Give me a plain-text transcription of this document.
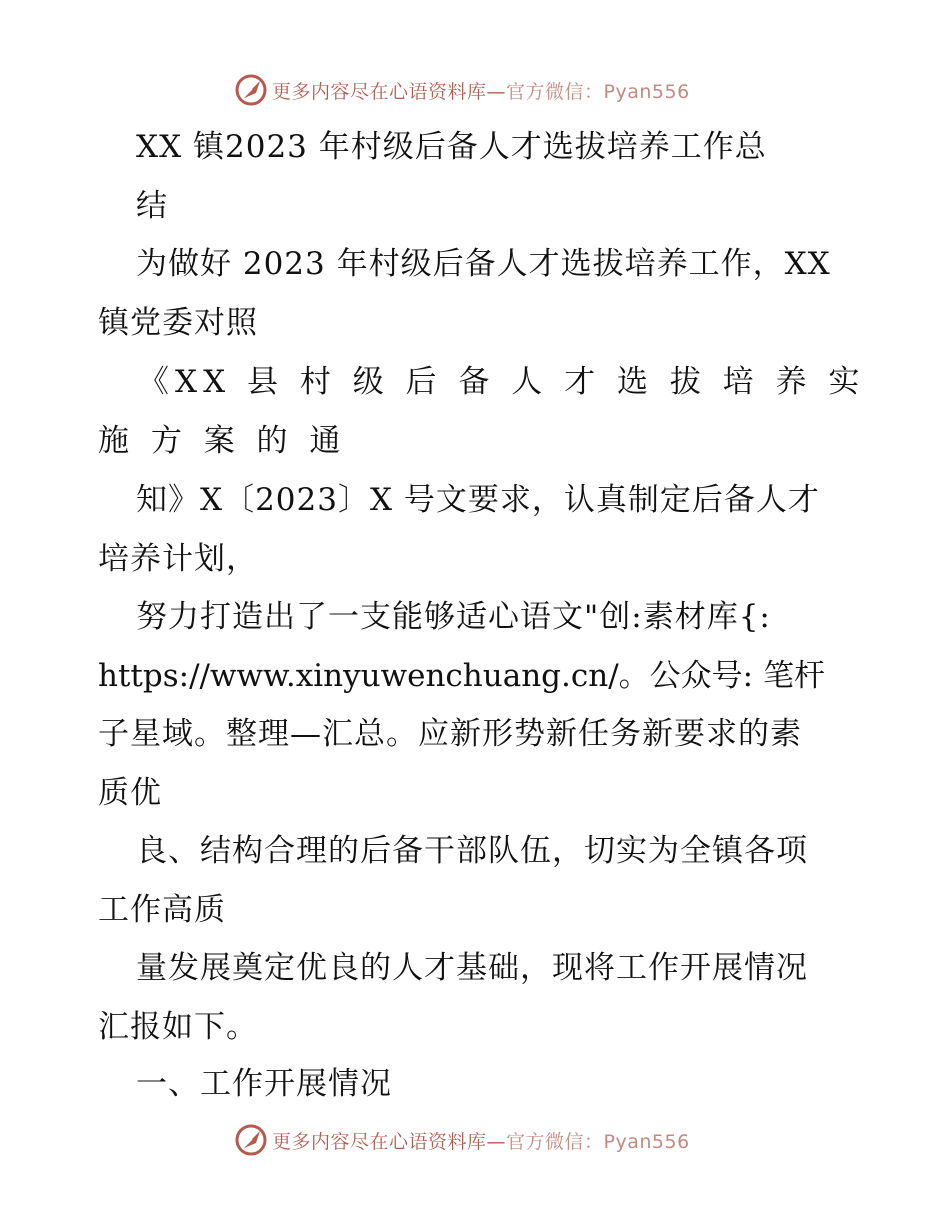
更多内容尽在心语资料库—官方微信：Pyan556
XX 镇2023 年村级后备人才选拔培养工作总
结
为做好 2023 年村级后备人才选拔培养工作，XX
镇党委对照
《XX 县 村 级 后 备 人 才 选 拔 培 养 实
施 方 案 的 通
知》X〔2023〕X 号文要求，认真制定后备人才
培养计划，
努力打造出了一支能够适心语文"创:素材库{:
https://www.xinyuwenchuang.cn/。公众号: 笔杆
子星域。整理—汇总。应新形势新任务新要求的素
质优
良、结构合理的后备干部队伍，切实为全镇各项
工作高质
量发展奠定优良的人才基础，现将工作开展情况
汇报如下。
一、工作开展情况
更多内容尽在心语资料库—官方微信：Pyan556
